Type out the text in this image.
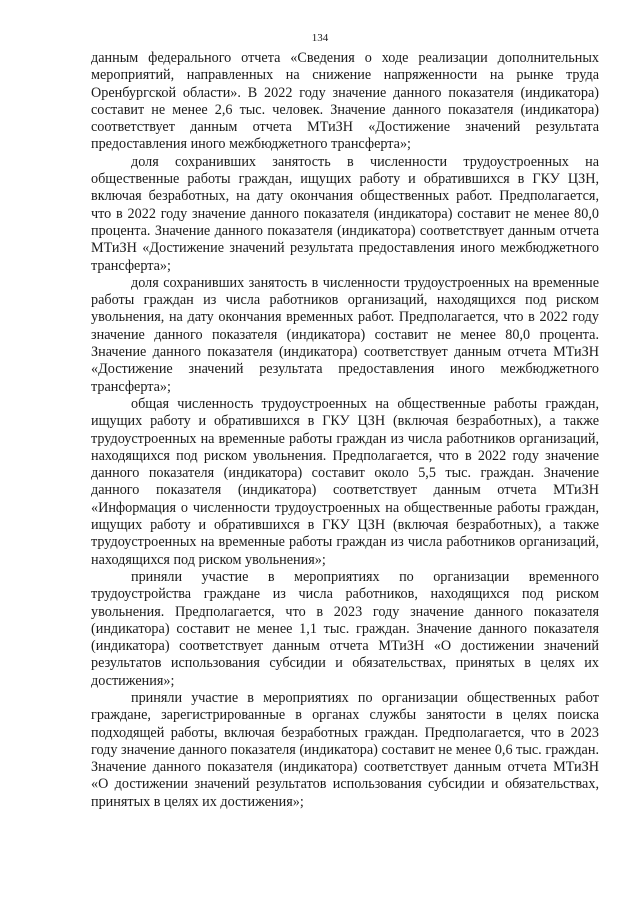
134

данным федерального отчета «Сведения о ходе реализации дополнительных мероприятий, направленных на снижение напряженности на рынке труда Оренбургской области». В 2022 году значение данного показателя (индикатора) составит не менее 2,6 тыс. человек. Значение данного показателя (индикатора) соответствует данным отчета МТиЗН «Достижение значений результата предоставления иного межбюджетного трансферта»;

доля сохранивших занятость в численности трудоустроенных на общественные работы граждан, ищущих работу и обратившихся в ГКУ ЦЗН, включая безработных, на дату окончания общественных работ. Предполагается, что в 2022 году значение данного показателя (индикатора) составит не менее 80,0 процента. Значение данного показателя (индикатора) соответствует данным отчета МТиЗН «Достижение значений результата предоставления иного межбюджетного трансферта»;

доля сохранивших занятость в численности трудоустроенных на временные работы граждан из числа работников организаций, находящихся под риском увольнения, на дату окончания временных работ. Предполагается, что в 2022 году значение данного показателя (индикатора) составит не менее 80,0 процента. Значение данного показателя (индикатора) соответствует данным отчета МТиЗН «Достижение значений результата предоставления иного межбюджетного трансферта»;

общая численность трудоустроенных на общественные работы граждан, ищущих работу и обратившихся в ГКУ ЦЗН (включая безработных), а также трудоустроенных на временные работы граждан из числа работников организаций, находящихся под риском увольнения. Предполагается, что в 2022 году значение данного показателя (индикатора) составит около 5,5 тыс. граждан. Значение данного показателя (индикатора) соответствует данным отчета МТиЗН «Информация о численности трудоустроенных на общественные работы граждан, ищущих работу и обратившихся в ГКУ ЦЗН (включая безработных), а также трудоустроенных на временные работы граждан из числа работников организаций, находящихся под риском увольнения»;

приняли участие в мероприятиях по организации временного трудоустройства граждане из числа работников, находящихся под риском увольнения. Предполагается, что в 2023 году значение данного показателя (индикатора) составит не менее 1,1 тыс. граждан. Значение данного показателя (индикатора) соответствует данным отчета МТиЗН «О достижении значений результатов использования субсидии и обязательствах, принятых в целях их достижения»;

приняли участие в мероприятиях по организации общественных работ граждане, зарегистрированные в органах службы занятости в целях поиска подходящей работы, включая безработных граждан. Предполагается, что в 2023 году значение данного показателя (индикатора) составит не менее 0,6 тыс. граждан. Значение данного показателя (индикатора) соответствует данным отчета МТиЗН «О достижении значений результатов использования субсидии и обязательствах, принятых в целях их достижения»;
